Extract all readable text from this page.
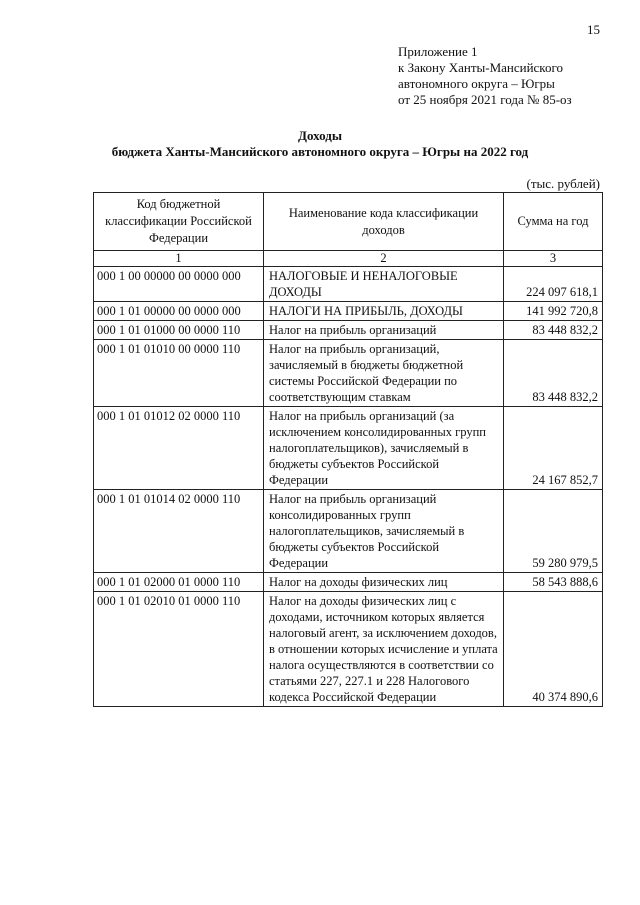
15
Приложение 1
к Закону Ханты-Мансийского
автономного округа – Югры
от 25 ноября 2021 года № 85-оз
Доходы
бюджета Ханты-Мансийского автономного округа – Югры на 2022 год
(тыс. рублей)
Код бюджетной классификации Российской Федерации	Наименование кода классификации доходов	Сумма на год
1	2	3
000 1 00 00000 00 0000 000	НАЛОГОВЫЕ И НЕНАЛОГОВЫЕ ДОХОДЫ	224 097 618,1
000 1 01 00000 00 0000 000	НАЛОГИ НА ПРИБЫЛЬ, ДОХОДЫ	141 992 720,8
000 1 01 01000 00 0000 110	Налог на прибыль организаций	83 448 832,2
000 1 01 01010 00 0000 110	Налог на прибыль организаций, зачисляемый в бюджеты бюджетной системы Российской Федерации по соответствующим ставкам	83 448 832,2
000 1 01 01012 02 0000 110	Налог на прибыль организаций (за исключением консолидированных групп налогоплательщиков), зачисляемый в бюджеты субъектов Российской Федерации	24 167 852,7
000 1 01 01014 02 0000 110	Налог на прибыль организаций консолидированных групп налогоплательщиков, зачисляемый в бюджеты субъектов Российской Федерации	59 280 979,5
000 1 01 02000 01 0000 110	Налог на доходы физических лиц	58 543 888,6
000 1 01 02010 01 0000 110	Налог на доходы физических лиц с доходами, источником которых является налоговый агент, за исключением доходов, в отношении которых исчисление и уплата налога осуществляются в соответствии со статьями 227, 227.1 и 228 Налогового кодекса Российской Федерации	40 374 890,6
